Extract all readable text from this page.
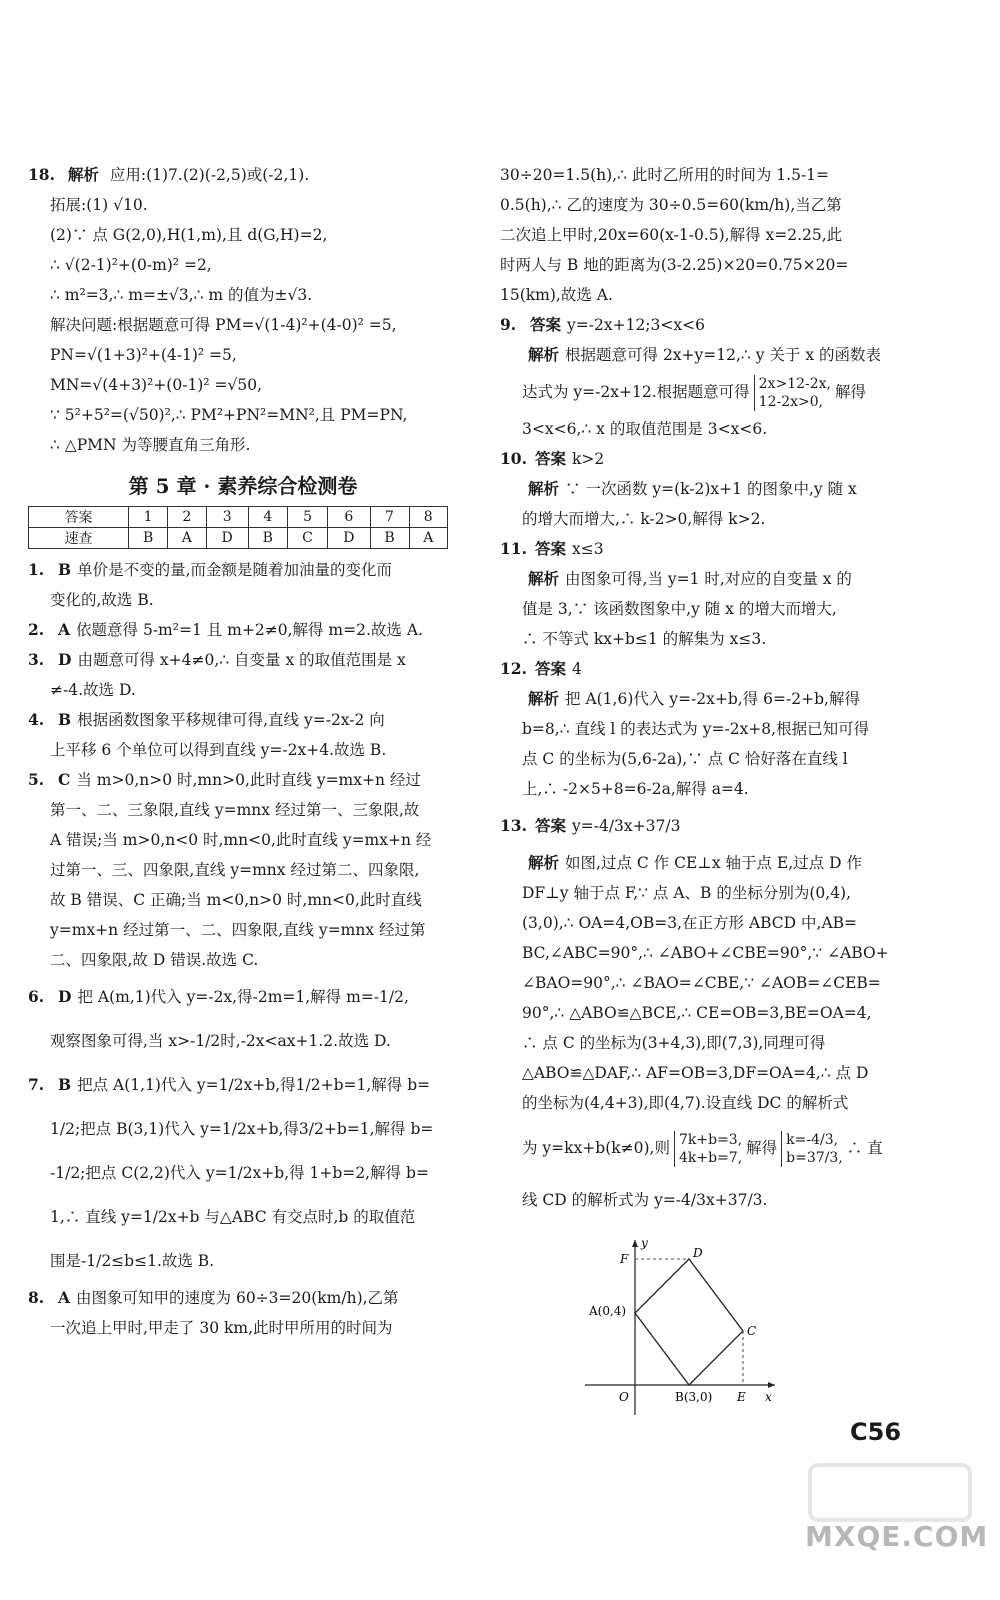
18. 解析 应用:(1)7.(2)(-2,5)或(-2,1).
拓展:(1) √10.
(2)∵ 点 G(2,0),H(1,m),且 d(G,H)=2,
∴ √(2-1)²+(0-m)² =2,
∴ m²=3,∴ m=±√3,∴ m 的值为±√3.
解决问题:根据题意可得 PM=√(1-4)²+(4-0)² =5,
PN=√(1+3)²+(4-1)² =5,
MN=√(4+3)²+(0-1)² =√50,
∵ 5²+5²=(√50)²,∴ PM²+PN²=MN²,且 PM=PN,
∴ △PMN 为等腰直角三角形.
第 5 章 · 素养综合检测卷
答案	1	2	3	4	5	6	7	8
速查	B	A	D	B	C	D	B	A
1. B 单价是不变的量,而金额是随着加油量的变化而
变化的,故选 B.
2. A 依题意得 5-m²=1 且 m+2≠0,解得 m=2.故选 A.
3. D 由题意可得 x+4≠0,∴ 自变量 x 的取值范围是 x
≠-4.故选 D.
4. B 根据函数图象平移规律可得,直线 y=-2x-2 向
上平移 6 个单位可以得到直线 y=-2x+4.故选 B.
5. C 当 m>0,n>0 时,mn>0,此时直线 y=mx+n 经过
第一、二、三象限,直线 y=mnx 经过第一、三象限,故
A 错误;当 m>0,n<0 时,mn<0,此时直线 y=mx+n 经
过第一、三、四象限,直线 y=mnx 经过第二、四象限,
故 B 错误、C 正确;当 m<0,n>0 时,mn<0,此时直线
y=mx+n 经过第一、二、四象限,直线 y=mnx 经过第
二、四象限,故 D 错误.故选 C.
6. D 把 A(m,1)代入 y=-2x,得-2m=1,解得 m=-1/2,
观察图象可得,当 x>-1/2时,-2x<ax+1.2.故选 D.
7. B 把点 A(1,1)代入 y=1/2x+b,得1/2+b=1,解得 b=
1/2;把点 B(3,1)代入 y=1/2x+b,得3/2+b=1,解得 b=
-1/2;把点 C(2,2)代入 y=1/2x+b,得 1+b=2,解得 b=
1,∴ 直线 y=1/2x+b 与△ABC 有交点时,b 的取值范
围是-1/2≤b≤1.故选 B.
8. A 由图象可知甲的速度为 60÷3=20(km/h),乙第
一次追上甲时,甲走了 30 km,此时甲所用的时间为
30÷20=1.5(h),∴ 此时乙所用的时间为 1.5-1=
0.5(h),∴ 乙的速度为 30÷0.5=60(km/h),当乙第
二次追上甲时,20x=60(x-1-0.5),解得 x=2.25,此
时两人与 B 地的距离为(3-2.25)×20=0.75×20=
15(km),故选 A.
9. 答案 y=-2x+12;3<x<6
解析 根据题意可得 2x+y=12,∴ y 关于 x 的函数表
达式为 y=-2x+12.根据题意可得 2x>12-2x,
12-2x>0,解得
3<x<6,∴ x 的取值范围是 3<x<6.
10. 答案 k>2
解析 ∵ 一次函数 y=(k-2)x+1 的图象中,y 随 x
的增大而增大,∴ k-2>0,解得 k>2.
11. 答案 x≤3
解析 由图象可得,当 y=1 时,对应的自变量 x 的
值是 3,∵ 该函数图象中,y 随 x 的增大而增大,
∴ 不等式 kx+b≤1 的解集为 x≤3.
12. 答案 4
解析 把 A(1,6)代入 y=-2x+b,得 6=-2+b,解得
b=8,∴ 直线 l 的表达式为 y=-2x+8,根据已知可得
点 C 的坐标为(5,6-2a),∵ 点 C 恰好落在直线 l
上,∴ -2×5+8=6-2a,解得 a=4.
13. 答案 y=-4/3x+37/3
解析 如图,过点 C 作 CE⊥x 轴于点 E,过点 D 作
DF⊥y 轴于点 F,∵ 点 A、B 的坐标分别为(0,4),
(3,0),∴ OA=4,OB=3,在正方形 ABCD 中,AB=
BC,∠ABC=90°,∴ ∠ABO+∠CBE=90°,∵ ∠ABO+
∠BAO=90°,∴ ∠BAO=∠CBE,∵ ∠AOB=∠CEB=
90°,∴ △ABO≌△BCE,∴ CE=OB=3,BE=OA=4,
∴ 点 C 的坐标为(3+4,3),即(7,3),同理可得
△ABO≌△DAF,∴ AF=OB=3,DF=OA=4,∴ 点 D
的坐标为(4,4+3),即(4,7).设直线 DC 的解析式
为 y=kx+b(k≠0),则 7k+b=3,
4k+b=7,解得 k=-4/3,
b=37/3,∴ 直
线 CD 的解析式为 y=-4/3x+37/3.
y
F	D
A(0,4)
C
O	B(3,0) E x
C56
MXQE.COM
